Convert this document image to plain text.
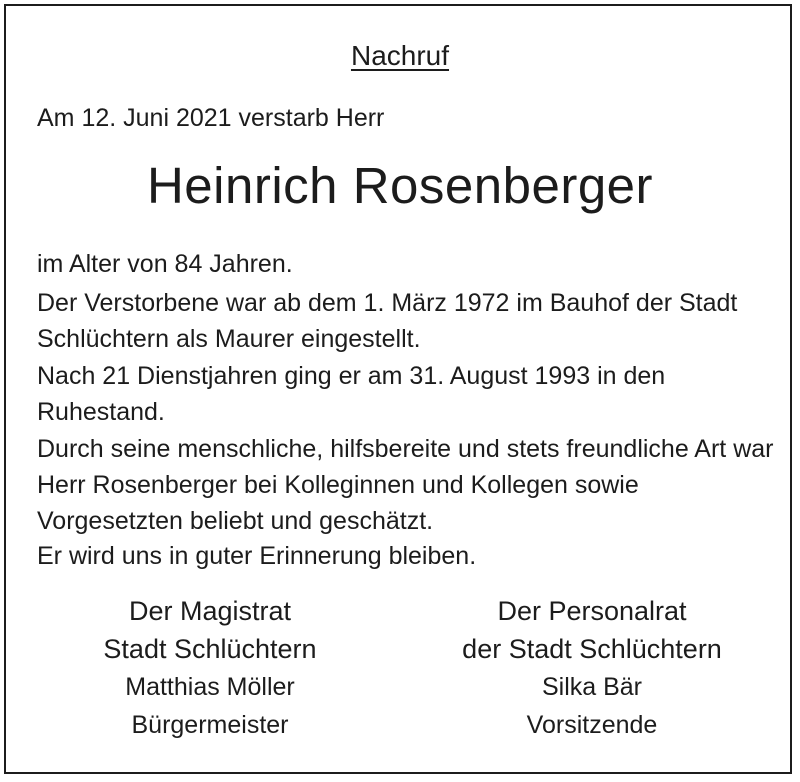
Nachruf
Am 12. Juni 2021 verstarb Herr
Heinrich Rosenberger

im Alter von 84 Jahren.

Der Verstorbene war ab dem 1. März 1972 im Bauhof der Stadt Schlüchtern als Maurer eingestellt.

Nach 21 Dienstjahren ging er am 31. August 1993 in den Ruhestand.

Durch seine menschliche, hilfsbereite und stets freundliche Art war Herr Rosenberger bei Kolleginnen und Kollegen sowie Vorgesetzten beliebt und geschätzt.

Er wird uns in guter Erinnerung bleiben.

Der Magistrat
Stadt Schlüchtern
Matthias Möller
Bürgermeister
Der Personalrat
der Stadt Schlüchtern
Silka Bär
Vorsitzende
